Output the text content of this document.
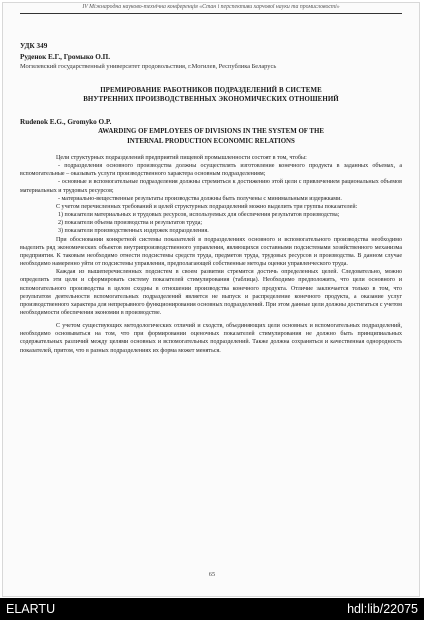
IV Міжнародна науково-технічна конференція «Стан і перспективи харчової науки та промисловості»
УДК 349
Руденок Е.Г., Громыко О.П.
Могилевский государственный университет продовольствия, г.Могилев, Республика Беларусь
ПРЕМИРОВАНИЕ РАБОТНИКОВ ПОДРАЗДЕЛЕНИЙ В СИСТЕМЕ
ВНУТРЕННИХ ПРОИЗВОДСТВЕННЫХ ЭКОНОМИЧЕСКИХ ОТНОШЕНИЙ
Rudenok E.G., Gromyko O.P.
AWARDING OF EMPLOYEES OF DIVISIONS IN THE SYSTEM OF THE
INTERNAL PRODUCTION ECONOMIC RELATIONS

Цели структурных подразделений предприятий пищевой промышленности состоят в том, чтобы:

- подразделения основного производства должны осуществлять изготовление конечного продукта в заданных объемах, а вспомогательные – оказывать услуги производственного характера основным подразделениям;

- основные и вспомогательные подразделения должны стремиться к достижению этой цели с привлечением рациональных объемов материальных и трудовых ресурсов;

- материально-вещественные результаты производства должны быть получены с минимальными издержками.

С учетом перечисленных требований и целей структурных подразделений можно выделить три группы показателей:

1) показатели материальных и трудовых ресурсов, используемых для обеспечения результатов производства;

2) показатели объема производства и результатов труда;

3) показатели производственных издержек подразделения.

При обосновании конкретной системы показателей в подразделениях основного и вспомогательного производства необходимо выделить ряд экономических объектов внутрипроизводственного управления, являющихся составными подсистемами хозяйственного механизма предприятия. К таковым необходимо отнести подсистемы средств труда, предметов труда, трудовых ресурсов и производства. В данном случае необходимо намеренно уйти от подсистемы управления, предполагающей собственные методы оценки управленческого труда.

Каждая из вышеперечисленных подсистем в своем развитии стремится достичь определенных целей. Следовательно, можно определить эти цели и сформировать систему показателей стимулирования (таблица). Необходимо предположить, что цели основного и вспомогательного производства в целом сходны в отношении производства конечного продукта. Отличие заключается только в том, что результатом деятельности вспомогательных подразделений является не выпуск и распределение конечного продукта, а оказание услуг производственного характера для непрерывного функционирования основных подразделений. При этом данные цели должны достигаться с учетом необходимости обеспечения экономии в производстве.

С учетом существующих методологических отличий и сходств, объединяющих цели основных и вспомогательных подразделений, необходимо основываться на том, что при формировании оценочных показателей стимулирования не должно быть принципиальных содержательных различий между целями основных и вспомогательных подразделений. Также должна сохраняться и качественная однородность показателей, притом, что в разных подразделениях их форма может меняться.

65
ELARTU	hdl:lib/22075
